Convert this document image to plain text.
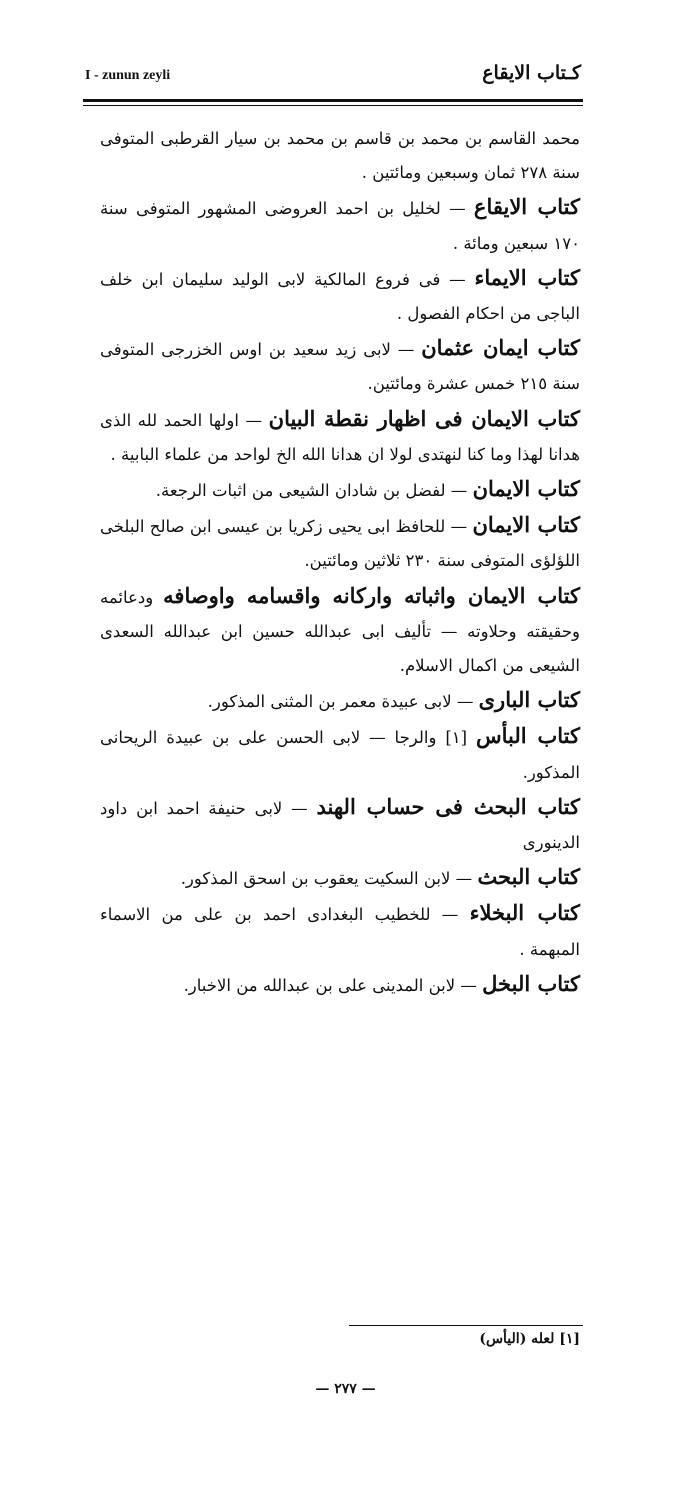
I - zunun zeyli	كـتاب الايقاع

محمد القاسم بن محمد بن قاسم بن محمد بن سيار القرطبى المتوفى سنة ٢٧٨ ثمان وسبعين ومائتين .

كتاب الايقاع — لخليل بن احمد العروضى المشهور المتوفى سنة ١٧٠ سبعين ومائة .

كتاب الايماء — فى فروع المالكية لابى الوليد سليمان ابن خلف الباجى من احكام الفصول .

كتاب ايمان عثمان — لابى زيد سعيد بن اوس الخزرجى المتوفى سنة ٢١٥ خمس عشرة ومائتين.

كتاب الايمان فى اظهار نقطة البيان — اولها الحمد لله الذى هدانا لهذا وما كنا لنهتدى لولا ان هدانا الله الخ لواحد من علماء البابية .

كتاب الايمان — لفضل بن شادان الشيعى من اثبات الرجعة.

كتاب الايمان — للحافظ ابى يحيى زكريا بن عيسى ابن صالح البلخى اللؤلؤى المتوفى سنة ٢٣٠ ثلاثين ومائتين.

كتاب الايمان واثباته واركانه واقسامه واوصافه ودعائمه وحقيقته وحلاوته — تأليف ابى عبدالله حسين ابن عبدالله السعدى الشيعى من اكمال الاسلام.

كتاب البارى — لابى عبيدة معمر بن المثنى المذكور.

كتاب البأس [١] والرجا — لابى الحسن على بن عبيدة الريحانى المذكور.

كتاب البحث فى حساب الهند — لابى حنيفة احمد ابن داود الدينورى

كتاب البحث — لابن السكيت يعقوب بن اسحق المذكور.

كتاب البخلاء — للخطيب البغدادى احمد بن على من الاسماء المبهمة .

كتاب البخل — لابن المدينى على بن عبدالله من الاخبار.

[١] لعله (اليأس)
— ٢٧٧ —
